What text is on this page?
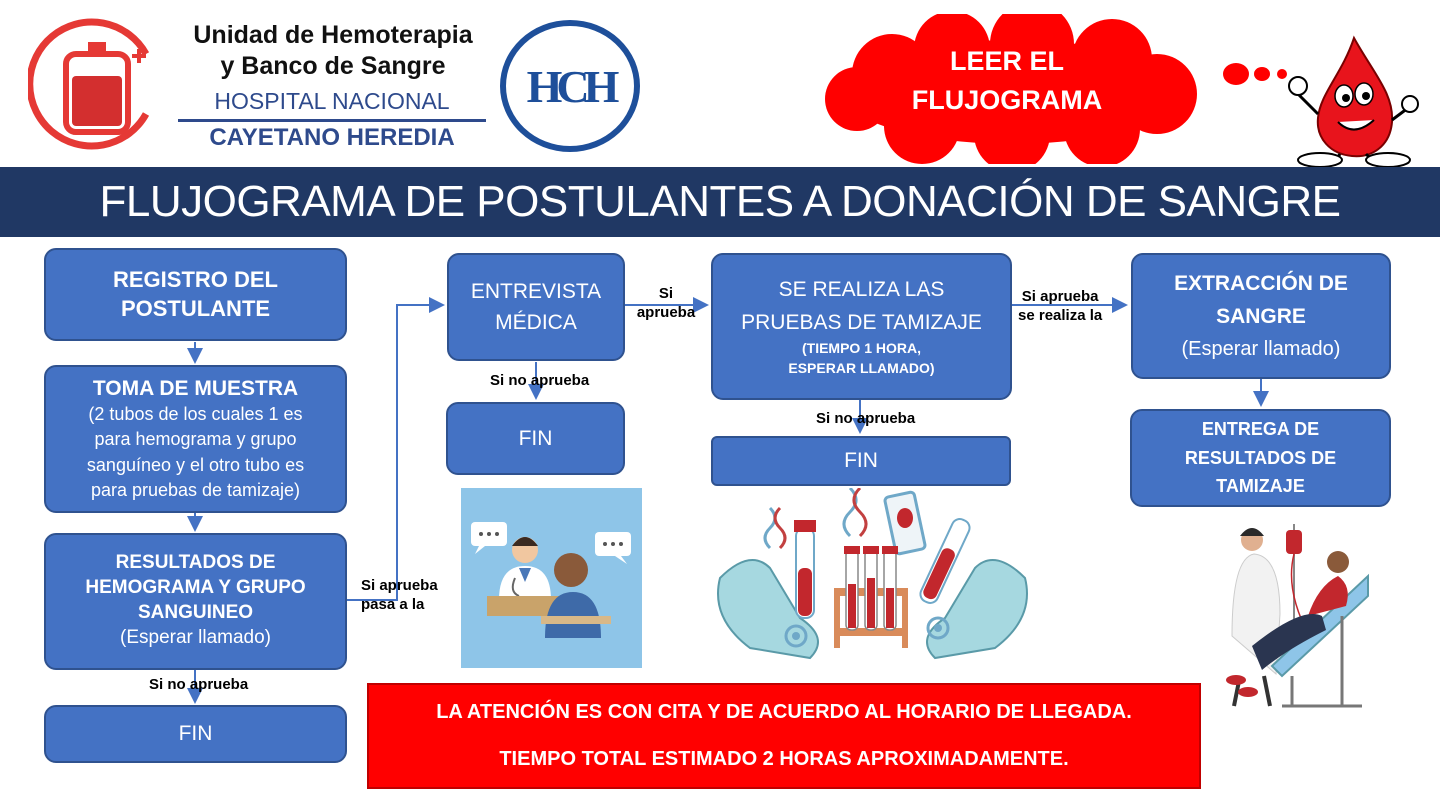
Unidad de Hemoterapia
y Banco de Sangre
HOSPITAL NACIONAL
CAYETANO HEREDIA
HCH	LEER EL
FLUJOGRAMA
FLUJOGRAMA DE POSTULANTES A DONACIÓN DE SANGRE
REGISTRO DEL POSTULANTE
TOMA DE MUESTRA
(2 tubos de los cuales 1 es
para hemograma y grupo
sanguíneo y el otro tubo es
para pruebas de tamizaje)
RESULTADOS DE
HEMOGRAMA Y GRUPO
SANGUINEO
(Esperar llamado)
Si no aprueba
FIN
Si aprueba
pasa a la
ENTREVISTA
MÉDICA
Si no aprueba
FIN
Si
aprueba
SE REALIZA LAS
PRUEBAS DE TAMIZAJE
(TIEMPO 1 HORA,
ESPERAR LLAMADO)
Si no aprueba
FIN
Si aprueba
se realiza la
EXTRACCIÓN DE
SANGRE
(Esperar llamado)
ENTREGA DE
RESULTADOS DE
TAMIZAJE
LA ATENCIÓN ES CON CITA Y DE ACUERDO AL HORARIO DE LLEGADA.
TIEMPO TOTAL ESTIMADO 2 HORAS APROXIMADAMENTE.
